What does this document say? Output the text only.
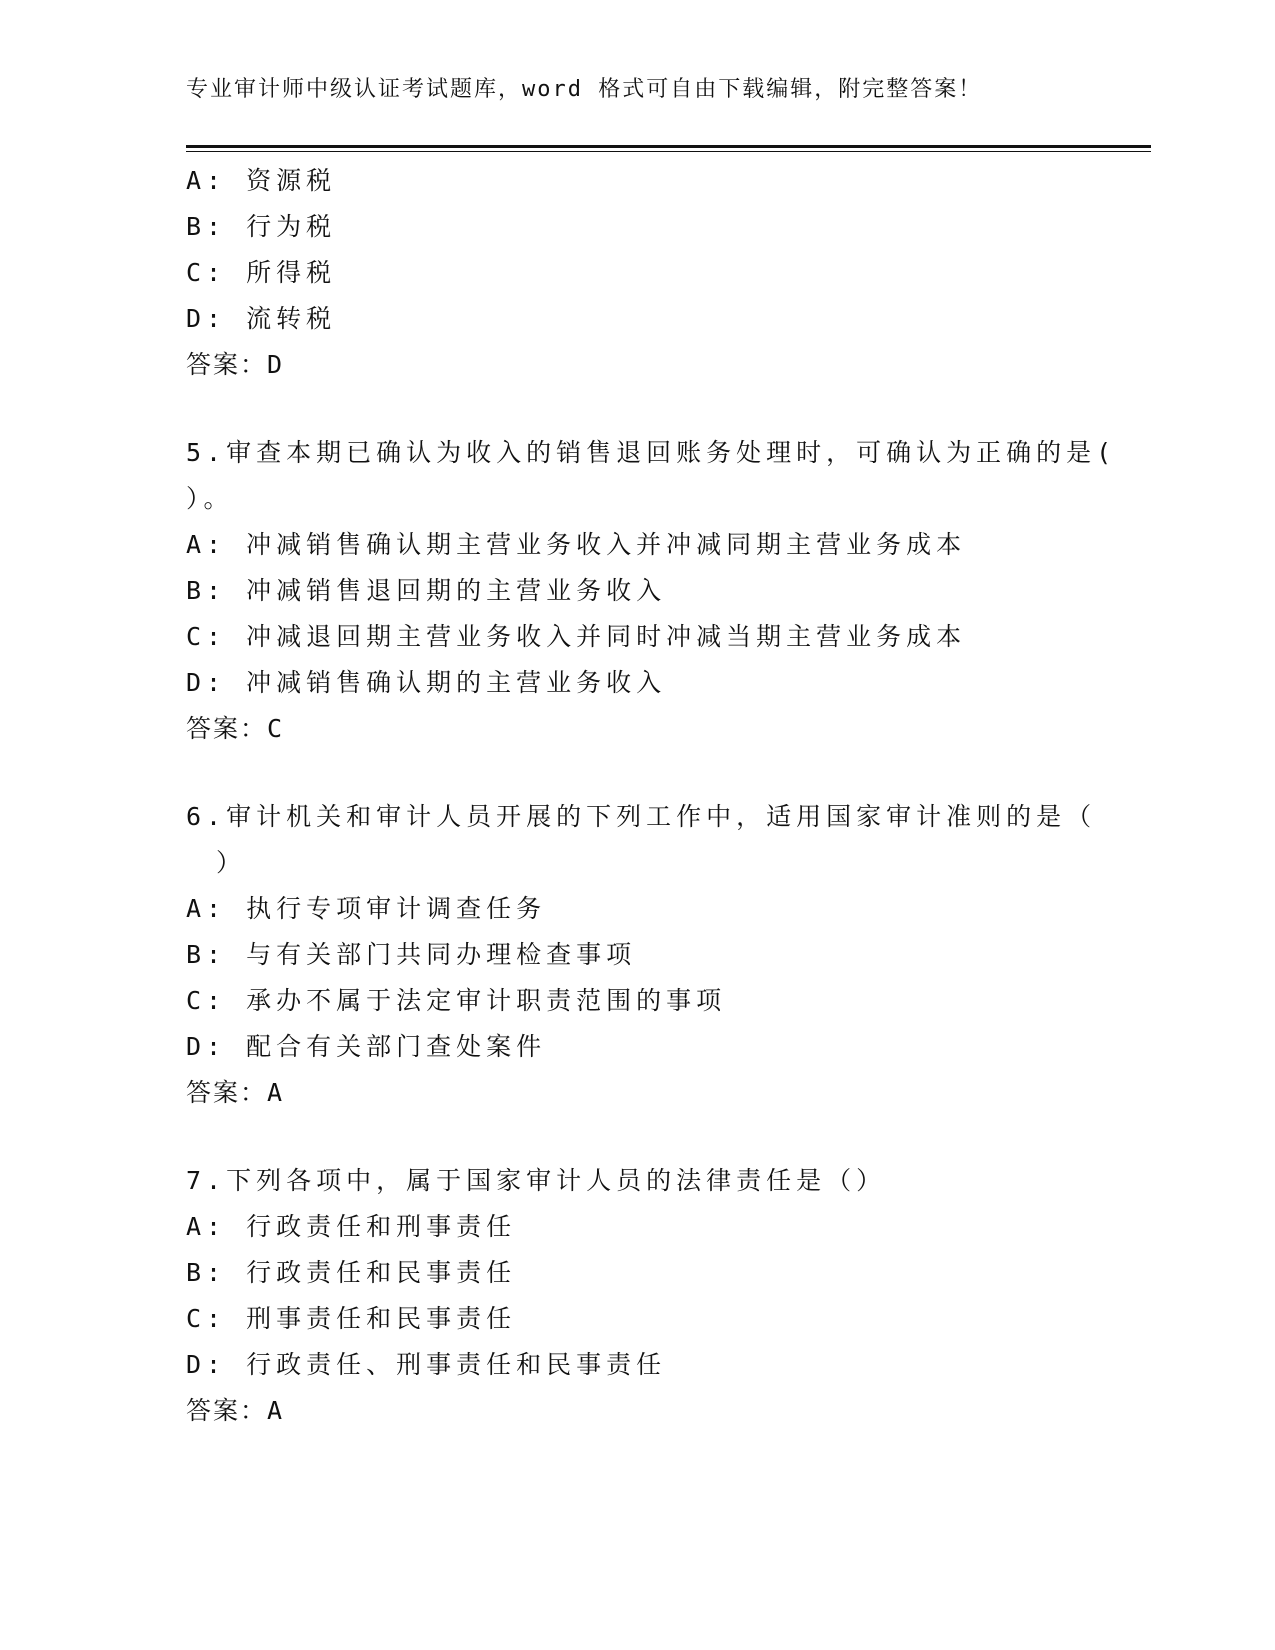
专业审计师中级认证考试题库，word 格式可自由下载编辑，附完整答案！
A: 资源税
B: 行为税
C: 所得税
D: 流转税
答案：D
5.审查本期已确认为收入的销售退回账务处理时，可确认为正确的是(
）。
A: 冲减销售确认期主营业务收入并冲减同期主营业务成本
B: 冲减销售退回期的主营业务收入
C: 冲减退回期主营业务收入并同时冲减当期主营业务成本
D: 冲减销售确认期的主营业务收入
答案：C
6.审计机关和审计人员开展的下列工作中，适用国家审计准则的是（
）
A: 执行专项审计调查任务
B: 与有关部门共同办理检查事项
C: 承办不属于法定审计职责范围的事项
D: 配合有关部门查处案件
答案：A
7.下列各项中，属于国家审计人员的法律责任是（）
A: 行政责任和刑事责任
B: 行政责任和民事责任
C: 刑事责任和民事责任
D: 行政责任、刑事责任和民事责任
答案：A
